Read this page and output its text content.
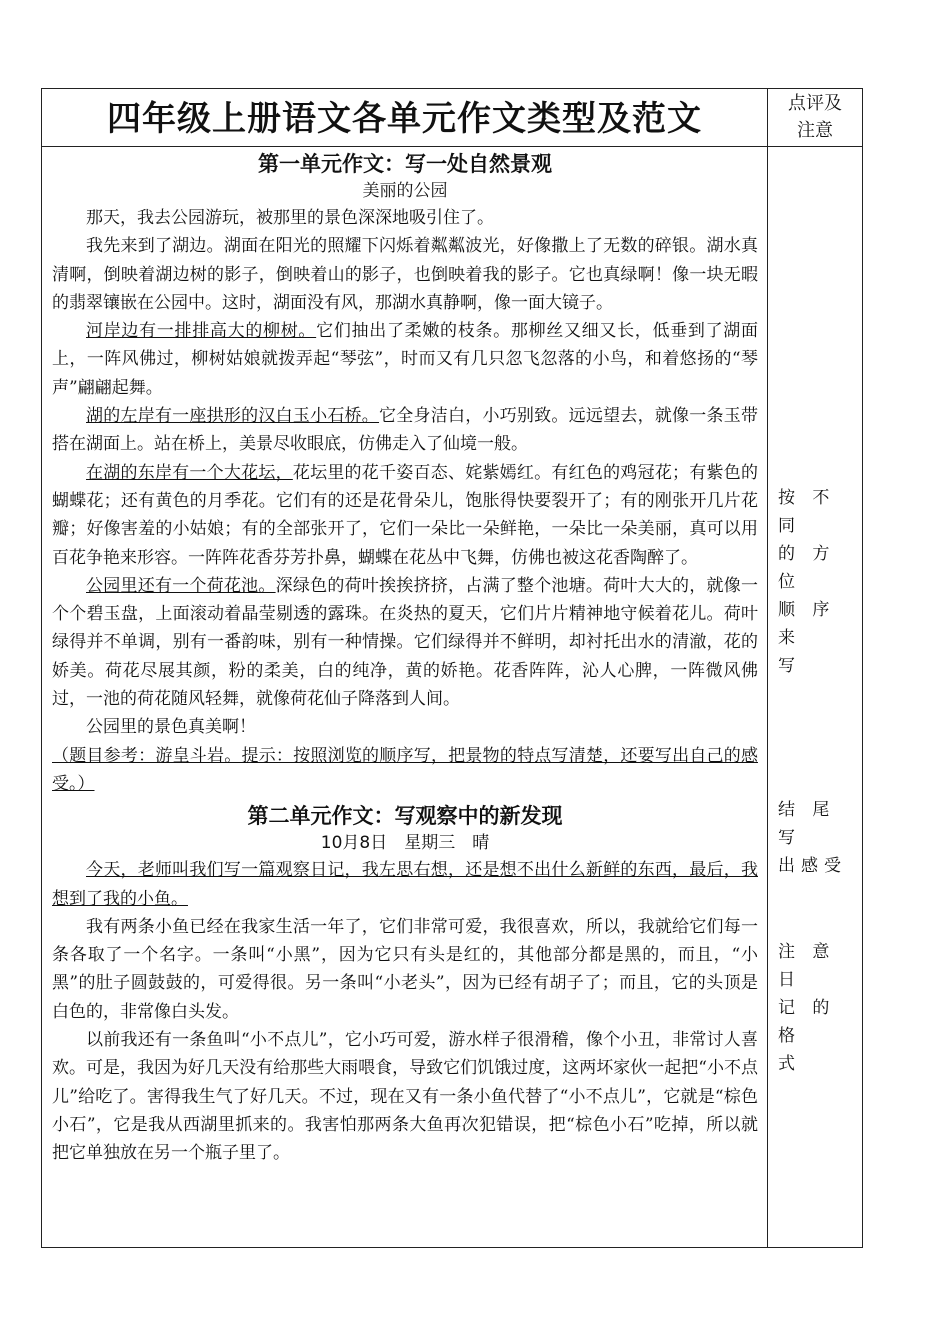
四年级上册语文各单元作文类型及范文	点评及
注意

第一单元作文：写一处自然景观

美丽的公园

那天，我去公园游玩，被那里的景色深深地吸引住了。

我先来到了湖边。湖面在阳光的照耀下闪烁着粼粼波光，好像撒上了无数的碎银。湖水真清啊，倒映着湖边树的影子，倒映着山的影子，也倒映着我的影子。它也真绿啊！像一块无暇的翡翠镶嵌在公园中。这时，湖面没有风，那湖水真静啊，像一面大镜子。

河岸边有一排排高大的柳树。它们抽出了柔嫩的枝条。那柳丝又细又长，低垂到了湖面上，一阵风佛过，柳树姑娘就拨弄起“琴弦”，时而又有几只忽飞忽落的小鸟，和着悠扬的“琴声”翩翩起舞。

湖的左岸有一座拱形的汉白玉小石桥。它全身洁白，小巧别致。远远望去，就像一条玉带搭在湖面上。站在桥上，美景尽收眼底，仿佛走入了仙境一般。

在湖的东岸有一个大花坛，花坛里的花千姿百态、姹紫嫣红。有红色的鸡冠花；有紫色的蝴蝶花；还有黄色的月季花。它们有的还是花骨朵儿，饱胀得快要裂开了；有的刚张开几片花瓣；好像害羞的小姑娘；有的全部张开了，它们一朵比一朵鲜艳，一朵比一朵美丽，真可以用百花争艳来形容。一阵阵花香芬芳扑鼻，蝴蝶在花丛中飞舞，仿佛也被这花香陶醉了。

公园里还有一个荷花池。深绿色的荷叶挨挨挤挤，占满了整个池塘。荷叶大大的，就像一个个碧玉盘，上面滚动着晶莹剔透的露珠。在炎热的夏天，它们片片精神地守候着花儿。荷叶绿得并不单调，别有一番韵味，别有一种情操。它们绿得并不鲜明，却衬托出水的清澈，花的娇美。荷花尽展其颜，粉的柔美，白的纯净，黄的娇艳。花香阵阵，沁人心脾，一阵微风佛过，一池的荷花随风轻舞，就像荷花仙子降落到人间。

公园里的景色真美啊！

（题目参考：游皇斗岩。提示：按照浏览的顺序写，把景物的特点写清楚，还要写出自己的感受。）

第二单元作文：写观察中的新发现

10月8日　星期三　晴

今天，老师叫我们写一篇观察日记，我左思右想，还是想不出什么新鲜的东西，最后，我想到了我的小鱼。

我有两条小鱼已经在我家生活一年了，它们非常可爱，我很喜欢，所以，我就给它们每一条各取了一个名字。一条叫“小黑”，因为它只有头是红的，其他部分都是黑的，而且，“小黑”的肚子圆鼓鼓的，可爱得很。另一条叫“小老头”，因为已经有胡子了；而且，它的头顶是白色的，非常像白头发。

以前我还有一条鱼叫“小不点儿”，它小巧可爱，游水样子很滑稽，像个小丑，非常讨人喜欢。可是，我因为好几天没有给那些大雨喂食，导致它们饥饿过度，这两坏家伙一起把“小不点儿”给吃了。害得我生气了好几天。不过，现在又有一条小鱼代替了“小不点儿”，它就是“棕色小石”，它是我从西湖里抓来的。我害怕那两条大鱼再次犯错误，把“棕色小石”吃掉，所以就把它单独放在另一个瓶子里了。

按 不 同
的 方 位
顺 序 来
写
结 尾 写
出感受
注 意 日
记 的 格
式
